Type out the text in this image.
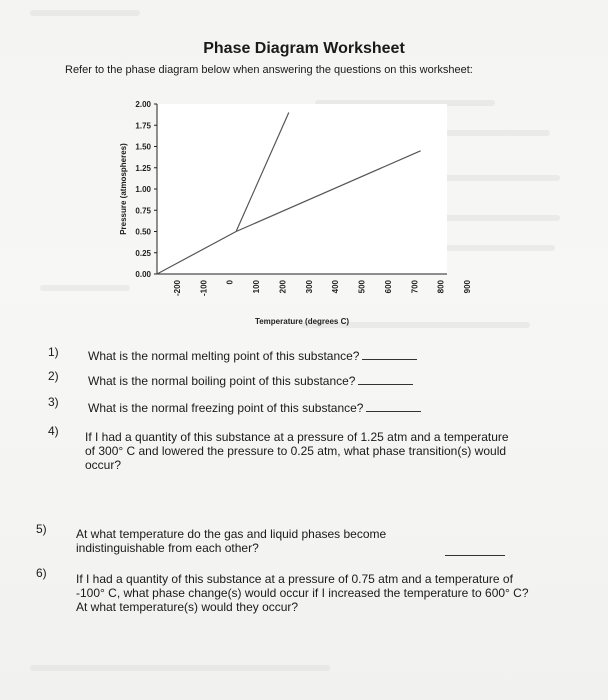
Phase Diagram Worksheet
Refer to the phase diagram below when answering the questions on this worksheet:
2.00
1.75
1.50
1.25
1.00
0.75
0.50
0.25
0.00
-200 -100 0 100 200 300 400 500 600 700 800 900
Pressure (atmospheres)
Temperature (degrees C)
1) What is the normal melting point of this substance?
2) What is the normal boiling point of this substance?
3) What is the normal freezing point of this substance?
4) If I had a quantity of this substance at a pressure of 1.25 atm and a temperature of 300° C and lowered the pressure to 0.25 atm, what phase transition(s) would occur?
5) At what temperature do the gas and liquid phases become indistinguishable from each other?
6) If I had a quantity of this substance at a pressure of 0.75 atm and a temperature of -100° C, what phase change(s) would occur if I increased the temperature to 600° C? At what temperature(s) would they occur?
